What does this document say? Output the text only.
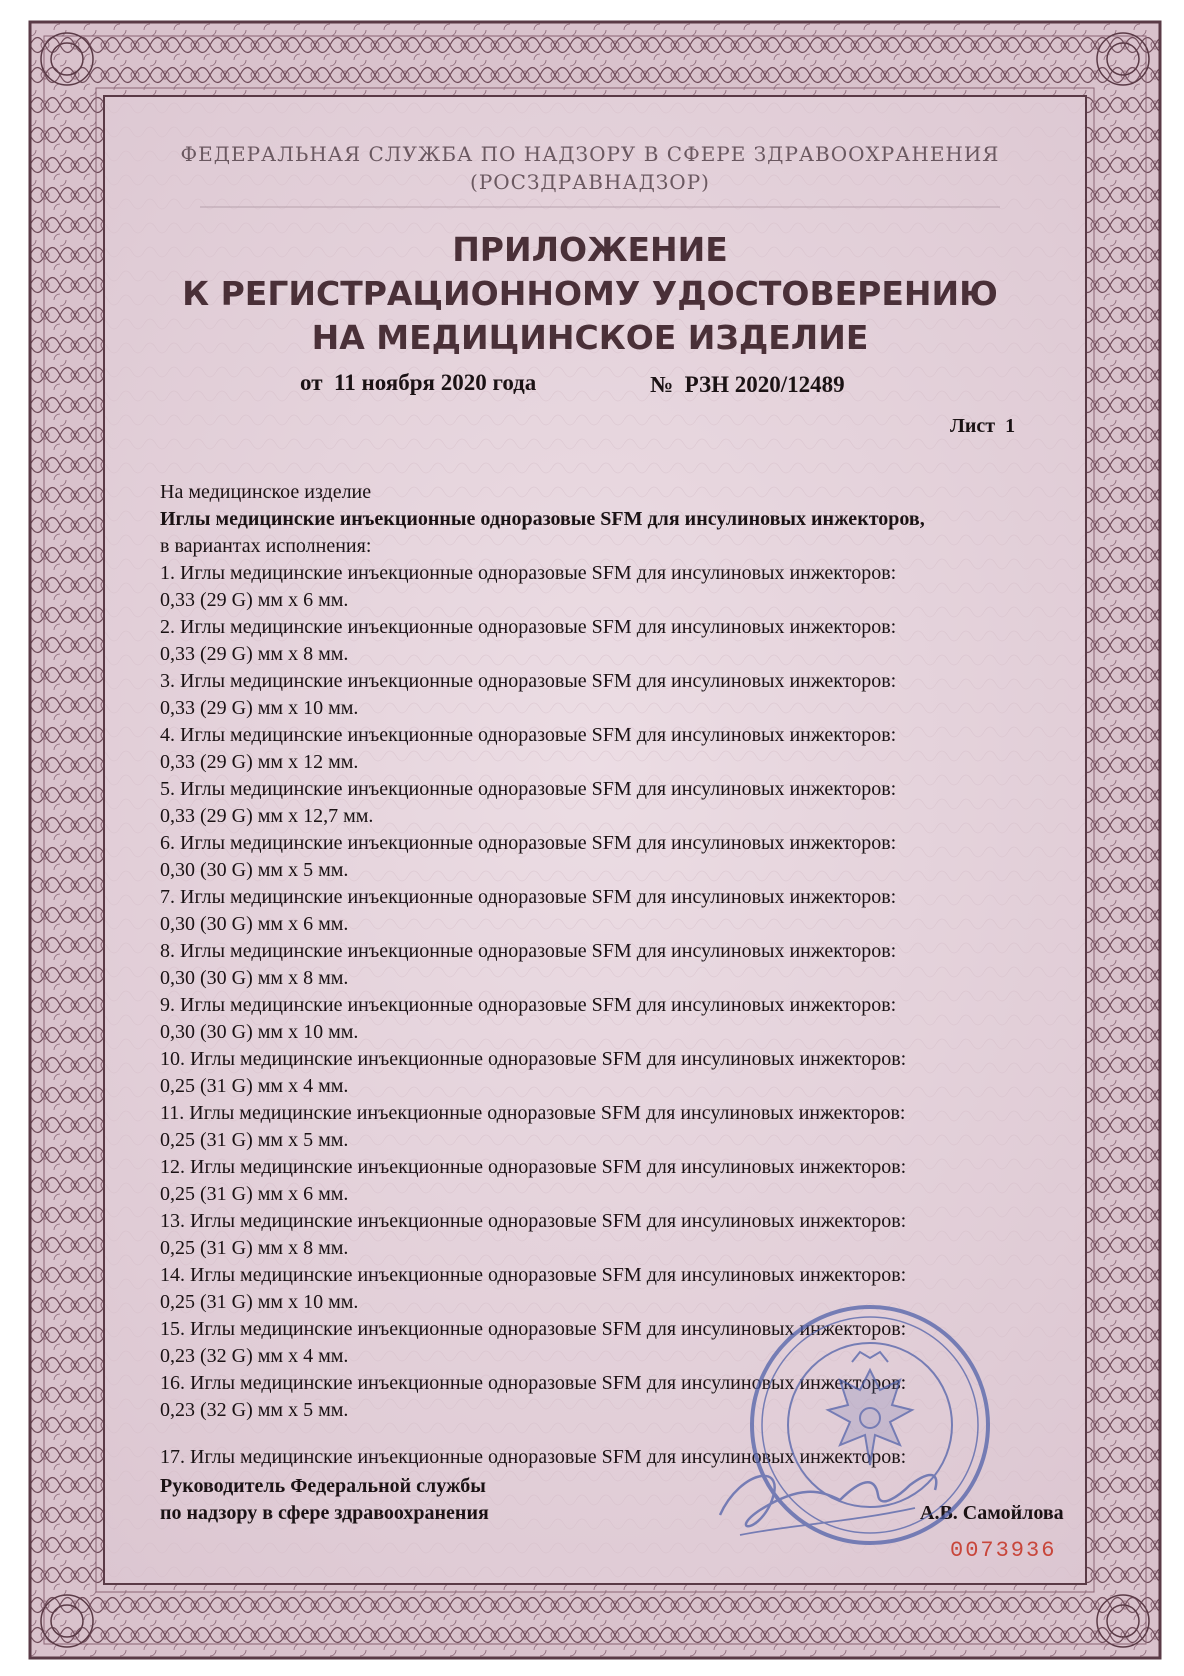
ФЕДЕРАЛЬНАЯ СЛУЖБА ПО НАДЗОРУ В СФЕРЕ ЗДРАВООХРАНЕНИЯ
(РОСЗДРАВНАДЗОР)
ПРИЛОЖЕНИЕ
К РЕГИСТРАЦИОННОМУ УДОСТОВЕРЕНИЮ
НА МЕДИЦИНСКОЕ ИЗДЕЛИЕ
от  11 ноября 2020 года	№  РЗН 2020/12489
Лист  1
На медицинское изделие
Иглы медицинские инъекционные одноразовые SFM для инсулиновых инжекторов,
в вариантах исполнения:
1. Иглы медицинские инъекционные одноразовые SFM для инсулиновых инжекторов:
0,33 (29 G) мм x 6 мм.
2. Иглы медицинские инъекционные одноразовые SFM для инсулиновых инжекторов:
0,33 (29 G) мм x 8 мм.
3. Иглы медицинские инъекционные одноразовые SFM для инсулиновых инжекторов:
0,33 (29 G) мм x 10 мм.
4. Иглы медицинские инъекционные одноразовые SFM для инсулиновых инжекторов:
0,33 (29 G) мм x 12 мм.
5. Иглы медицинские инъекционные одноразовые SFM для инсулиновых инжекторов:
0,33 (29 G) мм x 12,7 мм.
6. Иглы медицинские инъекционные одноразовые SFM для инсулиновых инжекторов:
0,30 (30 G) мм x 5 мм.
7. Иглы медицинские инъекционные одноразовые SFM для инсулиновых инжекторов:
0,30 (30 G) мм x 6 мм.
8. Иглы медицинские инъекционные одноразовые SFM для инсулиновых инжекторов:
0,30 (30 G) мм x 8 мм.
9. Иглы медицинские инъекционные одноразовые SFM для инсулиновых инжекторов:
0,30 (30 G) мм x 10 мм.
10. Иглы медицинские инъекционные одноразовые SFM для инсулиновых инжекторов:
0,25 (31 G) мм x 4 мм.
11. Иглы медицинские инъекционные одноразовые SFM для инсулиновых инжекторов:
0,25 (31 G) мм x 5 мм.
12. Иглы медицинские инъекционные одноразовые SFM для инсулиновых инжекторов:
0,25 (31 G) мм x 6 мм.
13. Иглы медицинские инъекционные одноразовые SFM для инсулиновых инжекторов:
0,25 (31 G) мм x 8 мм.
14. Иглы медицинские инъекционные одноразовые SFM для инсулиновых инжекторов:
0,25 (31 G) мм x 10 мм.
15. Иглы медицинские инъекционные одноразовые SFM для инсулиновых инжекторов:
0,23 (32 G) мм x 4 мм.
16. Иглы медицинские инъекционные одноразовые SFM для инсулиновых инжекторов:
0,23 (32 G) мм x 5 мм.
17. Иглы медицинские инъекционные одноразовые SFM для инсулиновых инжекторов:
Руководитель Федеральной службы
по надзору в сфере здравоохранения	А.В. Самойлова
0073936
